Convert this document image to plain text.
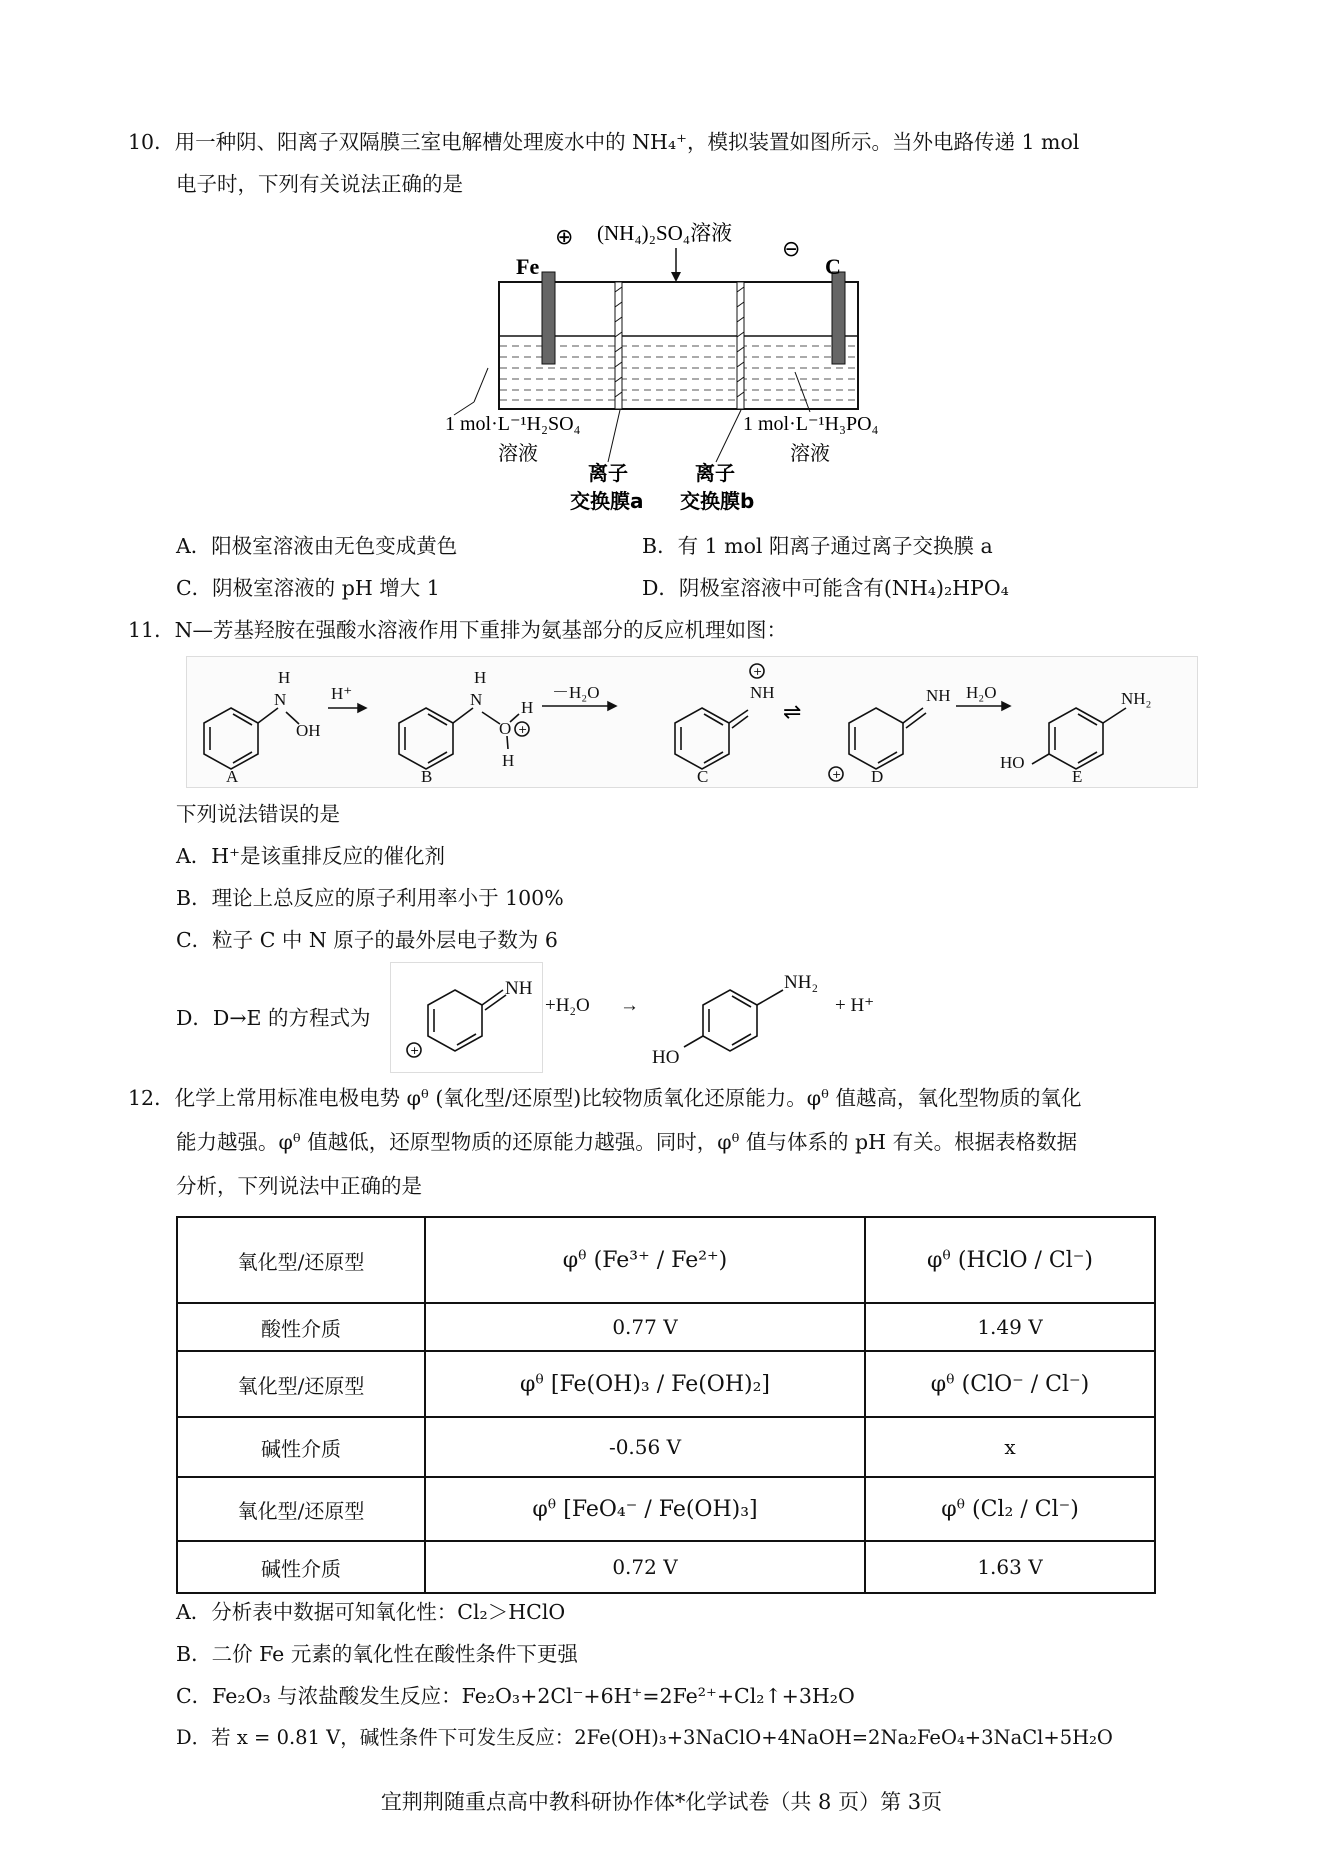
10．用一种阴、阳离子双隔膜三室电解槽处理废水中的 NH₄⁺，模拟装置如图所示。当外电路传递 1 mol
电子时，下列有关说法正确的是
Fe	C
⊕	⊖
(NH₄)₂SO₄溶液
1 mol·L⁻¹H₂SO₄
溶液
1 mol·L⁻¹H₃PO₄
溶液
离子
交换膜a
离子
交换膜b
A．阳极室溶液由无色变成黄色	B．有 1 mol 阳离子通过离子交换膜 a
C．阴极室溶液的 pH 增大 1	D．阴极室溶液中可能含有(NH₄)₂HPO₄
11．N—芳基羟胺在强酸水溶液作用下重排为氨基部分的反应机理如图：
⇌
H
N
OH
H⁺
H
N
O
H
H
－H₂O	NH	NH H₂O	NH₂
HO
A	B	C	D	E
+
+
+
下列说法错误的是
A．H⁺是该重排反应的催化剂
B．理论上总反应的原子利用率小于 100%
C．粒子 C 中 N 原子的最外层电子数为 6
D．D→E 的方程式为
+
NH
+H₂O →
NH₂
HO
+ H⁺
12．化学上常用标准电极电势 φᶿ (氧化型/还原型)比较物质氧化还原能力。φᶿ 值越高，氧化型物质的氧化
能力越强。φᶿ 值越低，还原型物质的还原能力越强。同时，φᶿ 值与体系的 pH 有关。根据表格数据
分析，下列说法中正确的是
氧化型/还原型	φᶿ (Fe³⁺ / Fe²⁺)	φᶿ (HClO / Cl⁻)
酸性介质	0.77 V	1.49 V
氧化型/还原型	φᶿ [Fe(OH)₃ / Fe(OH)₂]	φᶿ (ClO⁻ / Cl⁻)
碱性介质	-0.56 V	x
氧化型/还原型	φᶿ [FeO₄⁻ / Fe(OH)₃]	φᶿ (Cl₂ / Cl⁻)
碱性介质	0.72 V	1.63 V
A．分析表中数据可知氧化性：Cl₂＞HClO
B．二价 Fe 元素的氧化性在酸性条件下更强
C．Fe₂O₃ 与浓盐酸发生反应：Fe₂O₃+2Cl⁻+6H⁺=2Fe²⁺+Cl₂↑+3H₂O
D．若 x = 0.81 V，碱性条件下可发生反应：2Fe(OH)₃+3NaClO+4NaOH=2Na₂FeO₄+3NaCl+5H₂O
宜荆荆随重点高中教科研协作体*化学试卷（共 8 页）第 3页
